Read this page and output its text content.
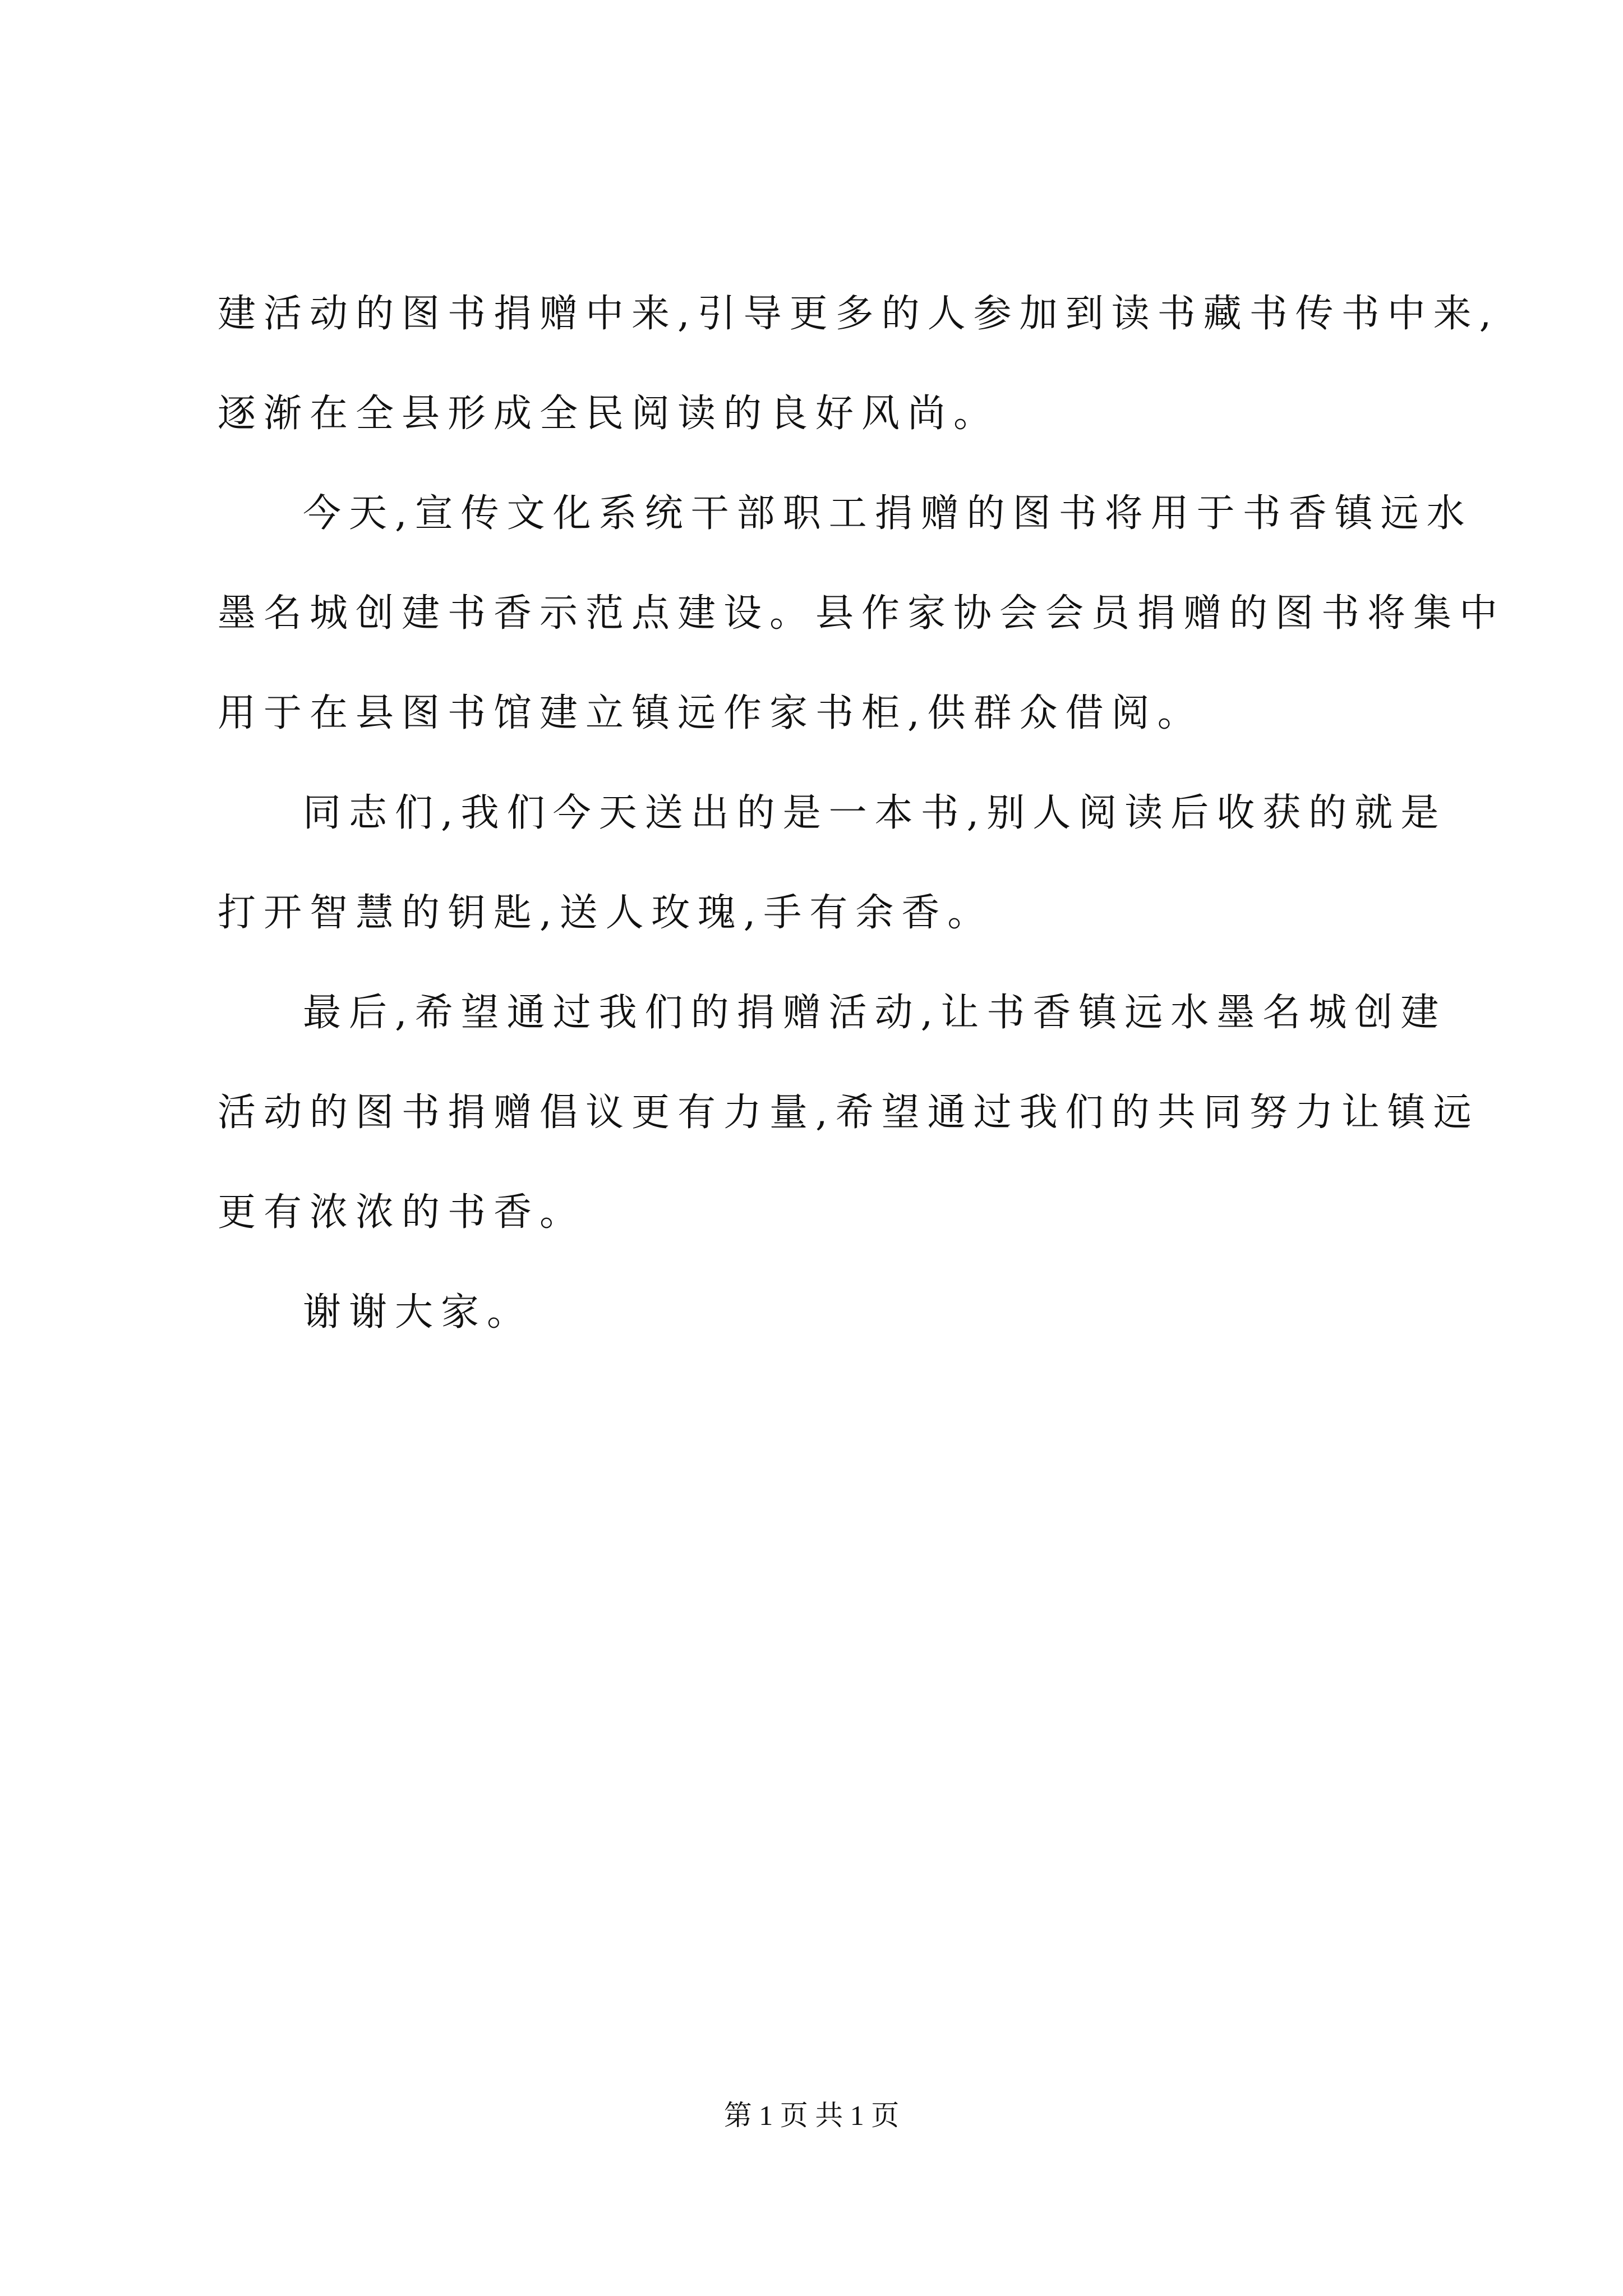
建活动的图书捐赠中来,引导更多的人参加到读书藏书传书中来,
逐渐在全县形成全民阅读的良好风尚。
今天,宣传文化系统干部职工捐赠的图书将用于书香镇远水
墨名城创建书香示范点建设。县作家协会会员捐赠的图书将集中
用于在县图书馆建立镇远作家书柜,供群众借阅。
同志们,我们今天送出的是一本书,别人阅读后收获的就是
打开智慧的钥匙,送人玫瑰,手有余香。
最后,希望通过我们的捐赠活动,让书香镇远水墨名城创建
活动的图书捐赠倡议更有力量,希望通过我们的共同努力让镇远
更有浓浓的书香。
谢谢大家。
第 1 页 共 1 页
